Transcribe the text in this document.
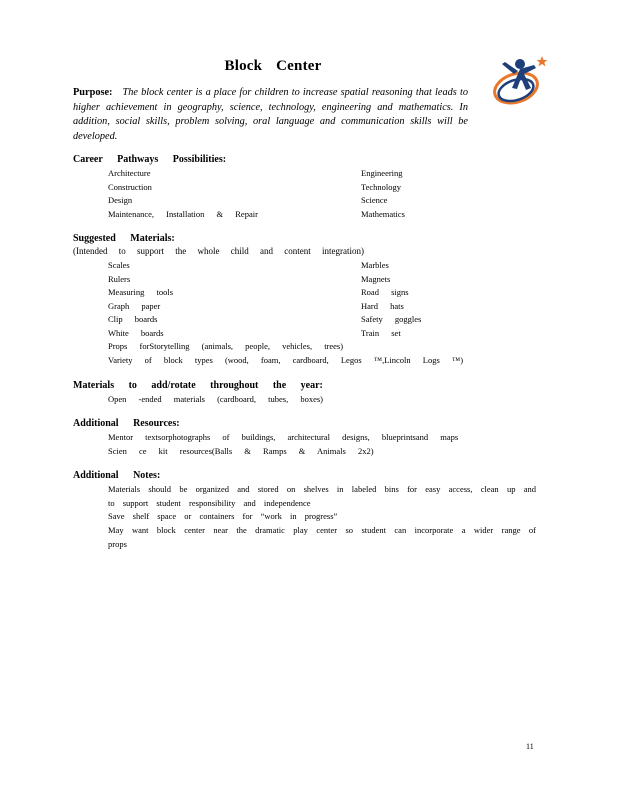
Block Center
Purpose: The block center is a place for children to increase spatial reasoning that leads to higher achievement in geography, science, technology, engineering and mathematics. In addition, social skills, problem solving, oral language and communication skills will be developed.
Career Pathways Possibilities:
Architecture
Construction
Design
Maintenance, Installation & Repair
Engineering
Technology
Science
Mathematics
Suggested Materials:
(Intended to support the whole child and content integration)
Scales
Rulers
Measuring tools
Graph paper
Clip boards
White boards
Marbles
Magnets
Road signs
Hard hats
Safety goggles
Train set
Props forStorytelling (animals, people, vehicles, trees)
Variety of block types (wood, foam, cardboard, Legos ™,Lincoln Logs ™)
Materials to add/rotate throughout the year:
Open -ended materials (cardboard, tubes, boxes)
Additional Resources:
Mentor textsorphotographs of buildings, architectural designs, blueprintsand maps
Scien ce kit resources(Balls & Ramps & Animals 2x2)
Additional Notes:
Materials should be organized and stored on shelves in labeled bins for easy access, clean up and to support student responsibility and independence
Save shelf space or containers for “work in progress”
May want block center near the dramatic play center so student can incorporate a wider range of props
11
